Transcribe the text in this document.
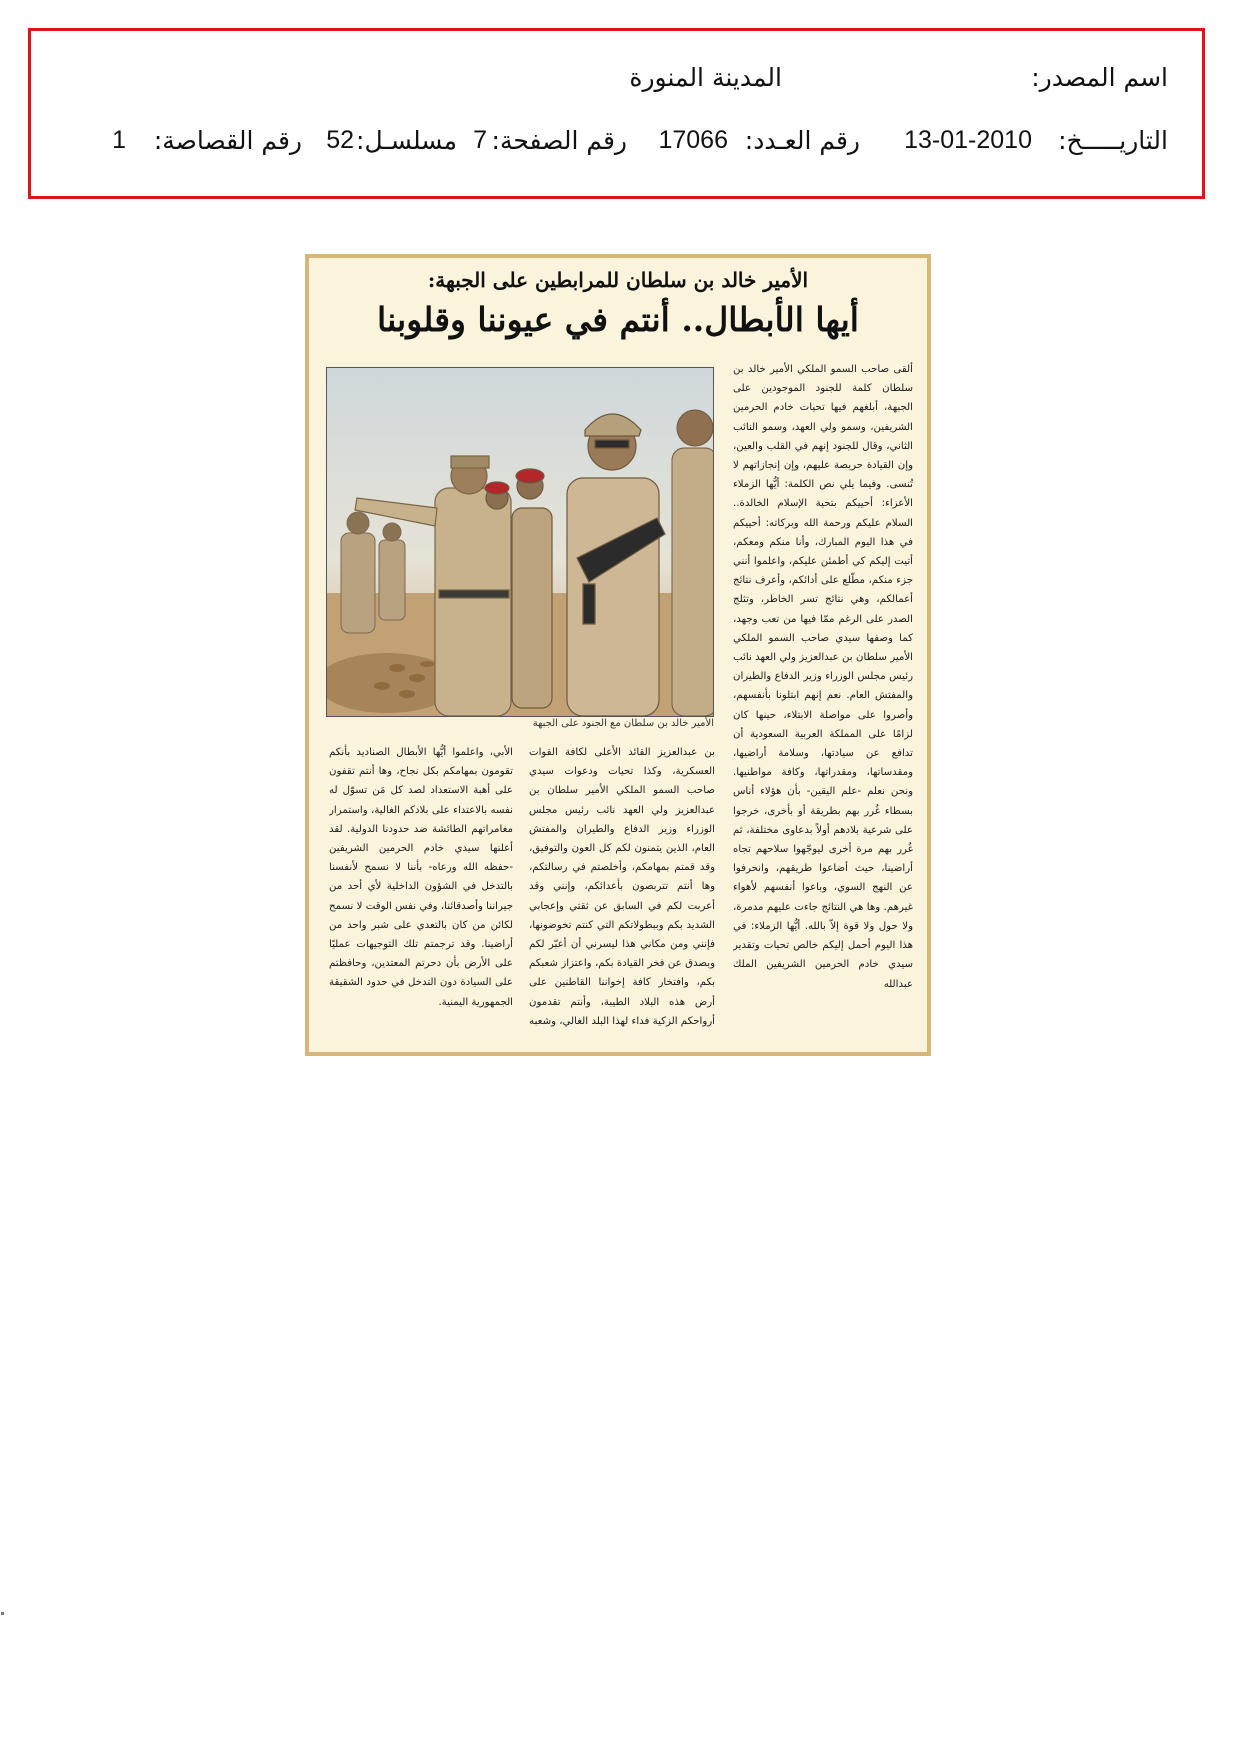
اسم المصدر:
المدينة المنورة
التاريـــــخ:
13-01-2010
رقم العـدد:
17066
رقم الصفحة:
7
مسلسـل:
52
رقم القصاصة:
1
الأمير خالد بن سلطان للمرابطين على الجبهة:
أيها الأبطال.. أنتم في عيوننا وقلوبنا
الأمير خالد بن سلطان مع الجنود على الجبهة

ألقى صاحب السمو الملكي الأمير خالد بن سلطان كلمة للجنود الموجودين على الجبهة، أبلغهم فيها تحيات خادم الحرمين الشريفين، وسمو ولي العهد، وسمو النائب الثاني، وقال للجنود إنهم في القلب والعين، وإن القيادة حريصة عليهم، وإن إنجازاتهم لا تُنسى. وفيما يلي نص الكلمة: أيُّها الزملاء الأعزاء: أحييكم بتحية الإسلام الخالدة.. السلام عليكم ورحمة الله وبركاته: أحييكم في هذا اليوم المبارك، وأنا منكم ومعكم، أتيت إليكم كي أطمئن عليكم، واعلموا أنني جزء منكم، مطّلع على أدائكم، وأعرف نتائج أعمالكم، وهي نتائج تسر الخاطر، وتثلج الصدر على الرغم ممّا فيها من تعب وجهد، كما وصفها سيدي صاحب السمو الملكي الأمير سلطان بن عبدالعزيز ولي العهد نائب رئيس مجلس الوزراء وزير الدفاع والطيران والمفتش العام. نعم إنهم ابتلونا بأنفسهم، وأصروا على مواصلة الابتلاء، حينها كان لزامًا على المملكة العربية السعودية أن تدافع عن سيادتها، وسلامة أراضيها، ومقدساتها، ومقدراتها، وكافة مواطنيها. ونحن نعلم -علم اليقين- بأن هؤلاء أناس بسطاء غُرر بهم بطريقة أو بأخرى، خرجوا على شرعية بلادهم أولاً بدعاوى مختلفة، ثم غُرر بهم مرة أخرى ليوجّهوا سلاحهم تجاه أراضينا، حيث أضاعوا طريقهم، وانحرفوا عن النهج السوي، وباعوا أنفسهم لأهواء غيرهم. وها هي النتائج جاءت عليهم مدمرة، ولا حول ولا قوة إلاّ بالله. أيُّها الزملاء: في هذا اليوم أحمل إليكم خالص تحيات وتقدير سيدي خادم الحرمين الشريفين الملك عبدالله

بن عبدالعزيز القائد الأعلى لكافة القوات العسكرية، وكذا تحيات ودعوات سيدي صاحب السمو الملكي الأمير سلطان بن عبدالعزيز ولي العهد نائب رئيس مجلس الوزراء وزير الدفاع والطيران والمفتش العام، الذين يتمنون لكم كل العون والتوفيق، وقد قمتم بمهامكم، وأخلصتم في رسالتكم، وها أنتم تتربصون بأعدائكم، وإنني وقد أعربت لكم في السابق عن ثقتي وإعجابي الشديد بكم وببطولاتكم التي كنتم تخوضونها، فإنني ومن مكاني هذا ليسرني أن أعبّر لكم وبصدق عن فخر القيادة بكم، واعتزاز شعبكم بكم، وافتخار كافة إخواننا القاطنين على أرض هذه البلاد الطيبة، وأنتم تقدمون أرواحكم الزكية فداء لهذا البلد الغالي، وشعبه

الأبي، واعلموا أيُّها الأبطال الصناديد بأنكم تقومون بمهامكم بكل نجاح، وها أنتم تقفون على أهبة الاستعداد لصد كل مَن تسوّل له نفسه بالاعتداء على بلادكم الغالية، واستمرار مغامراتهم الطائشة ضد حدودنا الدولية. لقد أعلنها سيدي خادم الحرمين الشريفين -حفظه الله ورعاه- بأننا لا نسمح لأنفسنا بالتدخل في الشؤون الداخلية لأي أحد من جيراننا وأصدقائنا، وفي نفس الوقت لا نسمح لكائن من كان بالتعدي على شبر واحد من أراضينا. وقد ترجمتم تلك التوجيهات عمليًا على الأرض بأن دحرتم المعتدين، وحافظتم على السيادة دون التدخل في حدود الشقيقة الجمهورية اليمنية.
